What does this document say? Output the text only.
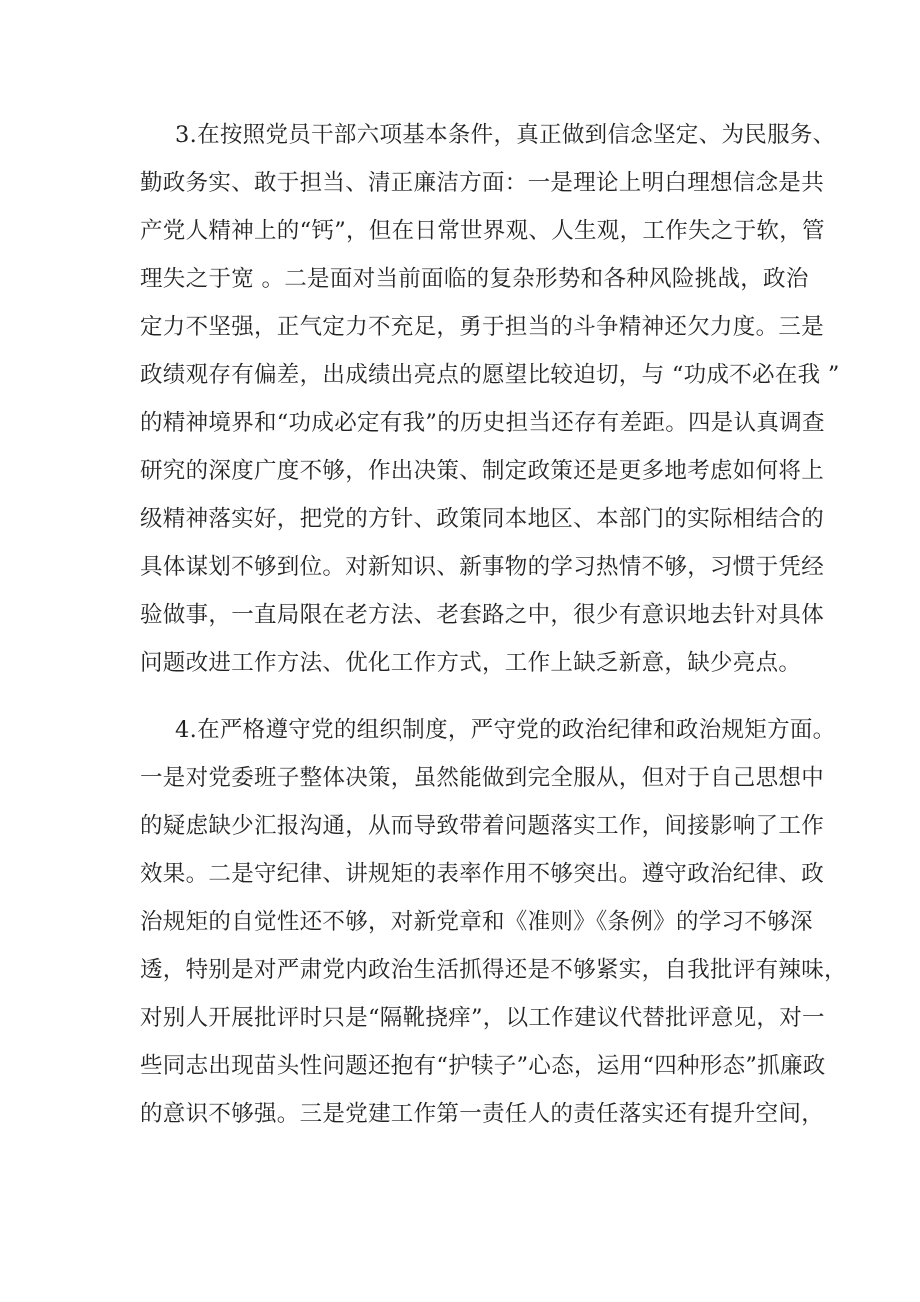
3.在按照党员干部六项基本条件，真正做到信念坚定、为民服务、
勤政务实、敢于担当、清正廉洁方面：一是理论上明白理想信念是共
产党人精神上的“钙”，但在日常世界观、人生观，工作失之于软，管
理失之于宽 。二是面对当前面临的复杂形势和各种风险挑战，政治
定力不坚强，正气定力不充足，勇于担当的斗争精神还欠力度。三是
政绩观存有偏差，出成绩出亮点的愿望比较迫切，与 “功成不必在我 ”
的精神境界和“功成必定有我”的历史担当还存有差距。四是认真调查
研究的深度广度不够，作出决策、制定政策还是更多地考虑如何将上
级精神落实好，把党的方针、政策同本地区、本部门的实际相结合的
具体谋划不够到位。对新知识、新事物的学习热情不够，习惯于凭经
验做事，一直局限在老方法、老套路之中，很少有意识地去针对具体
问题改进工作方法、优化工作方式，工作上缺乏新意，缺少亮点。
4.在严格遵守党的组织制度，严守党的政治纪律和政治规矩方面。
一是对党委班子整体决策，虽然能做到完全服从，但对于自己思想中
的疑虑缺少汇报沟通，从而导致带着问题落实工作，间接影响了工作
效果。二是守纪律、讲规矩的表率作用不够突出。遵守政治纪律、政
治规矩的自觉性还不够，对新党章和《准则》《条例》的学习不够深
透，特别是对严肃党内政治生活抓得还是不够紧实，自我批评有辣味，
对别人开展批评时只是“隔靴挠痒”，以工作建议代替批评意见，对一
些同志出现苗头性问题还抱有“护犊子”心态，运用“四种形态”抓廉政
的意识不够强。三是党建工作第一责任人的责任落实还有提升空间，
